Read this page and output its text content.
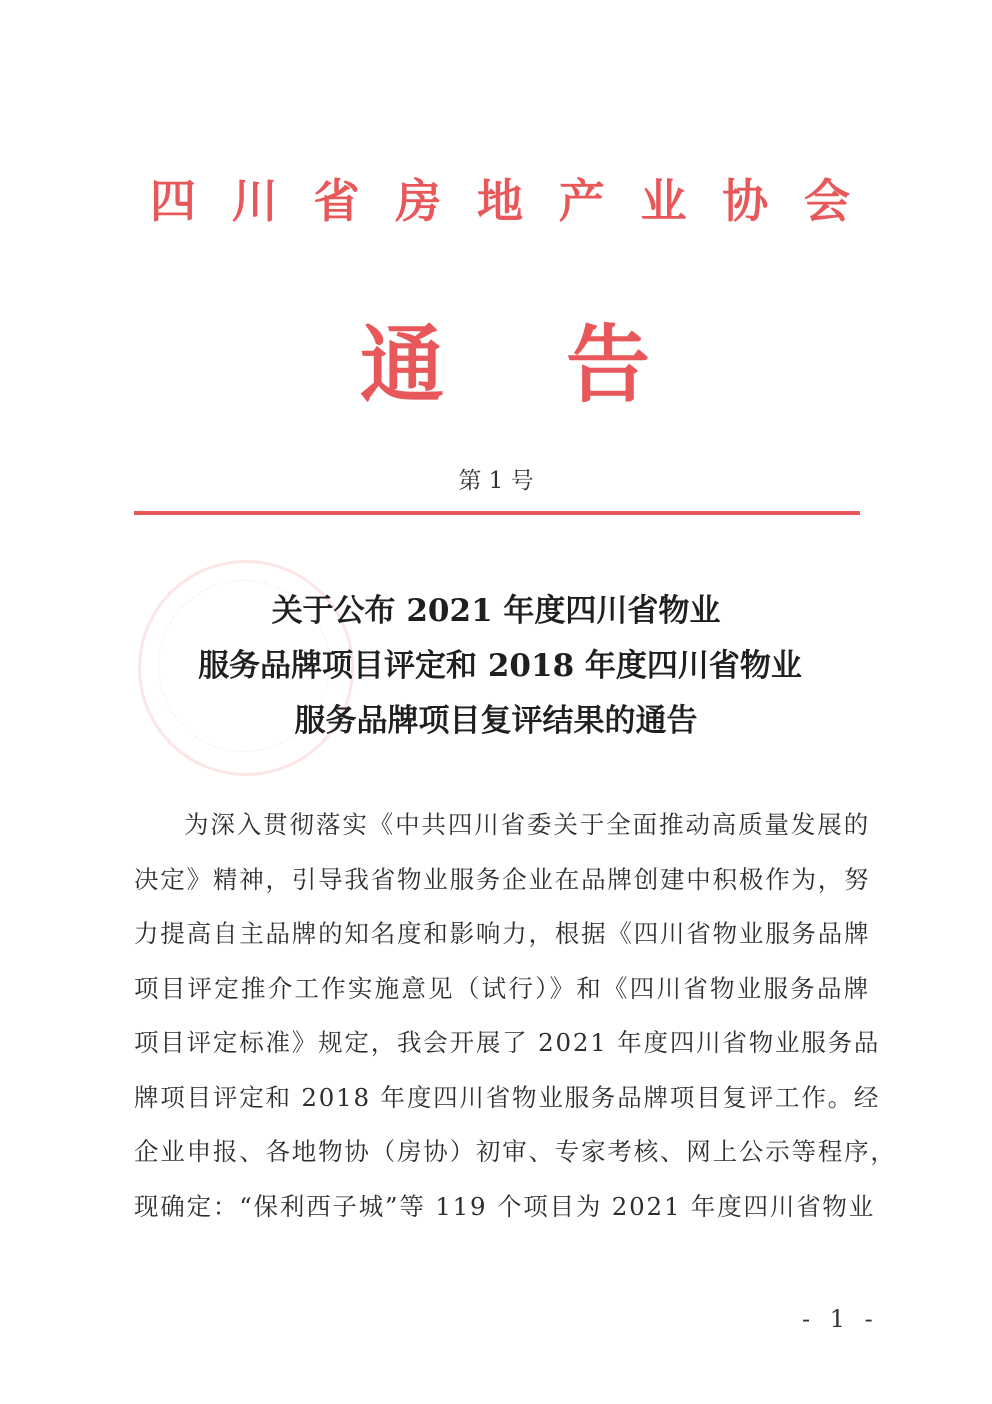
四 川 省 房 地 产 业 协 会
通 告
第 1 号
关于公布 2021 年度四川省物业
服务品牌项目评定和 2018 年度四川省物业
服务品牌项目复评结果的通告
为深入贯彻落实《中共四川省委关于全面推动高质量发展的
决定》精神，引导我省物业服务企业在品牌创建中积极作为，努
力提高自主品牌的知名度和影响力，根据《四川省物业服务品牌
项目评定推介工作实施意见（试行）》和《四川省物业服务品牌
项目评定标准》规定，我会开展了 2021 年度四川省物业服务品
牌项目评定和 2018 年度四川省物业服务品牌项目复评工作。经
企业申报、各地物协（房协）初审、专家考核、网上公示等程序，
现确定：“保利西子城”等 119 个项目为 2021 年度四川省物业
- 1 -
